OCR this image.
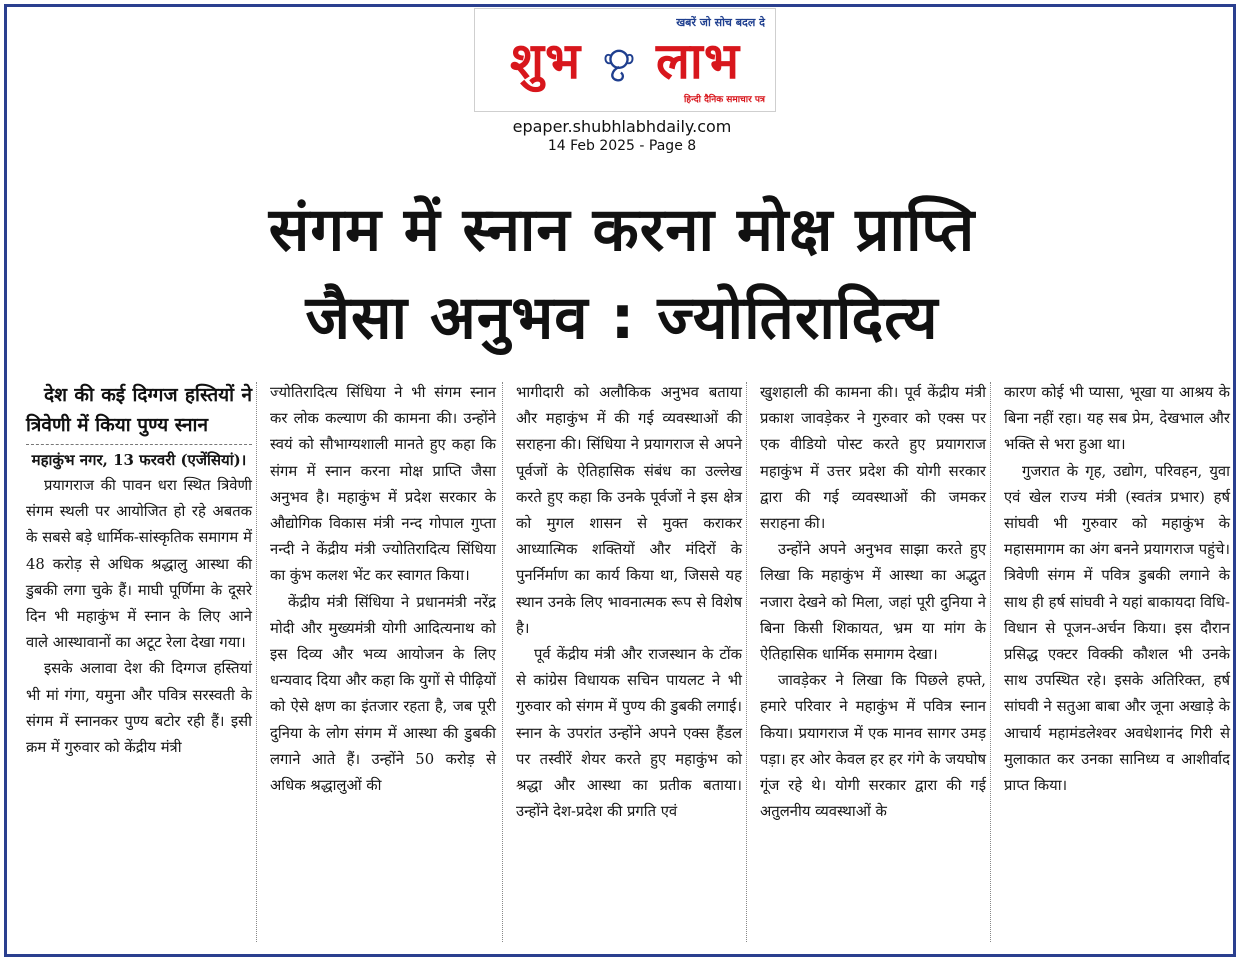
खबरें जो सोच बदल दे
शुभ लाभ
हिन्दी दैनिक समाचार पत्र
epaper.shubhlabhdaily.com
14 Feb 2025 - Page 8
संगम में स्नान करना मोक्ष प्राप्ति
जैसा अनुभव : ज्योतिरादित्य

देश की कई दिग्गज हस्तियों ने त्रिवेणी में किया पुण्य स्नान

महाकुंभ नगर, 13 फरवरी (एजेंसियां)।

प्रयागराज की पावन धरा स्थित त्रिवेणी संगम स्थली पर आयोजित हो रहे अबतक के सबसे बड़े धार्मिक-सांस्कृतिक समागम में 48 करोड़ से अधिक श्रद्धालु आस्था की डुबकी लगा चुके हैं। माघी पूर्णिमा के दूसरे दिन भी महाकुंभ में स्नान के लिए आने वाले आस्थावानों का अटूट रेला देखा गया।

इसके अलावा देश की दिग्गज हस्तियां भी मां गंगा, यमुना और पवित्र सरस्वती के संगम में स्नानकर पुण्य बटोर रही हैं। इसी क्रम में गुरुवार को केंद्रीय मंत्री

ज्योतिरादित्य सिंधिया ने भी संगम स्नान कर लोक कल्याण की कामना की। उन्होंने स्वयं को सौभाग्यशाली मानते हुए कहा कि संगम में स्नान करना मोक्ष प्राप्ति जैसा अनुभव है। महाकुंभ में प्रदेश सरकार के औद्योगिक विकास मंत्री नन्द गोपाल गुप्ता नन्दी ने केंद्रीय मंत्री ज्योतिरादित्य सिंधिया का कुंभ कलश भेंट कर स्वागत किया।

केंद्रीय मंत्री सिंधिया ने प्रधानमंत्री नरेंद्र मोदी और मुख्यमंत्री योगी आदित्यनाथ को इस दिव्य और भव्य आयोजन के लिए धन्यवाद दिया और कहा कि युगों से पीढ़ियों को ऐसे क्षण का इंतजार रहता है, जब पूरी दुनिया के लोग संगम में आस्था की डुबकी लगाने आते हैं। उन्होंने 50 करोड़ से अधिक श्रद्धालुओं की

भागीदारी को अलौकिक अनुभव बताया और महाकुंभ में की गई व्यवस्थाओं की सराहना की। सिंधिया ने प्रयागराज से अपने पूर्वजों के ऐतिहासिक संबंध का उल्लेख करते हुए कहा कि उनके पूर्वजों ने इस क्षेत्र को मुगल शासन से मुक्त कराकर आध्यात्मिक शक्तियों और मंदिरों के पुनर्निर्माण का कार्य किया था, जिससे यह स्थान उनके लिए भावनात्मक रूप से विशेष है।

पूर्व केंद्रीय मंत्री और राजस्थान के टोंक से कांग्रेस विधायक सचिन पायलट ने भी गुरुवार को संगम में पुण्य की डुबकी लगाई। स्नान के उपरांत उन्होंने अपने एक्स हैंडल पर तस्वीरें शेयर करते हुए महाकुंभ को श्रद्धा और आस्था का प्रतीक बताया। उन्होंने देश-प्रदेश की प्रगति एवं

खुशहाली की कामना की। पूर्व केंद्रीय मंत्री प्रकाश जावड़ेकर ने गुरुवार को एक्स पर एक वीडियो पोस्ट करते हुए प्रयागराज महाकुंभ में उत्तर प्रदेश की योगी सरकार द्वारा की गई व्यवस्थाओं की जमकर सराहना की।

उन्होंने अपने अनुभव साझा करते हुए लिखा कि महाकुंभ में आस्था का अद्भुत नजारा देखने को मिला, जहां पूरी दुनिया ने बिना किसी शिकायत, भ्रम या मांग के ऐतिहासिक धार्मिक समागम देखा।

जावड़ेकर ने लिखा कि पिछले हफ्ते, हमारे परिवार ने महाकुंभ में पवित्र स्नान किया। प्रयागराज में एक मानव सागर उमड़ पड़ा। हर ओर केवल हर हर गंगे के जयघोष गूंज रहे थे। योगी सरकार द्वारा की गई अतुलनीय व्यवस्थाओं के

कारण कोई भी प्यासा, भूखा या आश्रय के बिना नहीं रहा। यह सब प्रेम, देखभाल और भक्ति से भरा हुआ था।

गुजरात के गृह, उद्योग, परिवहन, युवा एवं खेल राज्य मंत्री (स्वतंत्र प्रभार) हर्ष सांघवी भी गुरुवार को महाकुंभ के महासमागम का अंग बनने प्रयागराज पहुंचे। त्रिवेणी संगम में पवित्र डुबकी लगाने के साथ ही हर्ष सांघवी ने यहां बाकायदा विधि-विधान से पूजन-अर्चन किया। इस दौरान प्रसिद्ध एक्टर विक्की कौशल भी उनके साथ उपस्थित रहे। इसके अतिरिक्त, हर्ष सांघवी ने सतुआ बाबा और जूना अखाड़े के आचार्य महामंडलेश्वर अवधेशानंद गिरी से मुलाकात कर उनका सानिध्य व आशीर्वाद प्राप्त किया।
